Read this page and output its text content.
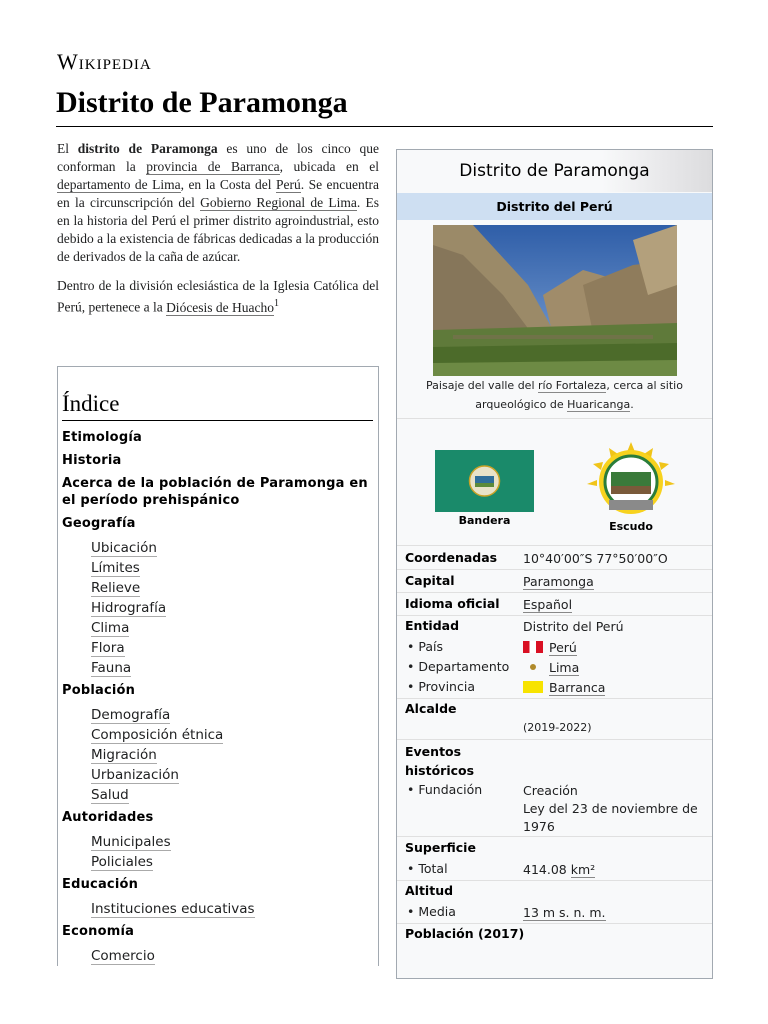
Wikipedia
Distrito de Paramonga

El distrito de Paramonga es uno de los cinco que conforman la provincia de Barranca, ubicada en el departamento de Lima, en la Costa del Perú. Se encuentra en la circunscripción del Gobierno Regional de Lima. Es en la historia del Perú el primer distrito agroindustrial, esto debido a la existencia de fábricas dedicadas a la producción de derivados de la caña de azúcar.

Dentro de la división eclesiástica de la Iglesia Católica del Perú, pertenece a la Diócesis de Huacho$^1$

Índice
Etimología
Historia
Acerca de la población de Paramonga en el período prehispánico
Geografía
Ubicación
Límites
Relieve
Hidrografía
Clima
Flora
Fauna
Población
Demografía
Composición étnica
Migración
Urbanización
Salud
Autoridades
Municipales
Policiales
Educación
Instituciones educativas
Economía
Comercio
Distrito de Paramonga
Distrito del Perú
Paisaje del valle del río Fortaleza, cerca al sitio arqueológico de Huaricanga.
Bandera	Escudo
Coordenadas 10°40′00″S 77°50′00″O
Capital	Paramonga
Idioma oficial Español
Entidad	Distrito del Perú
• País	Perú
• Departamento	Lima
• Provincia	Barranca
Alcalde
(2019-2022)
Eventos históricos
• Fundación	Creación
Ley del 23 de noviembre de 1976
Superficie
• Total	414.08 km²
Altitud
• Media	13 m s. n. m.
Población (2017)
